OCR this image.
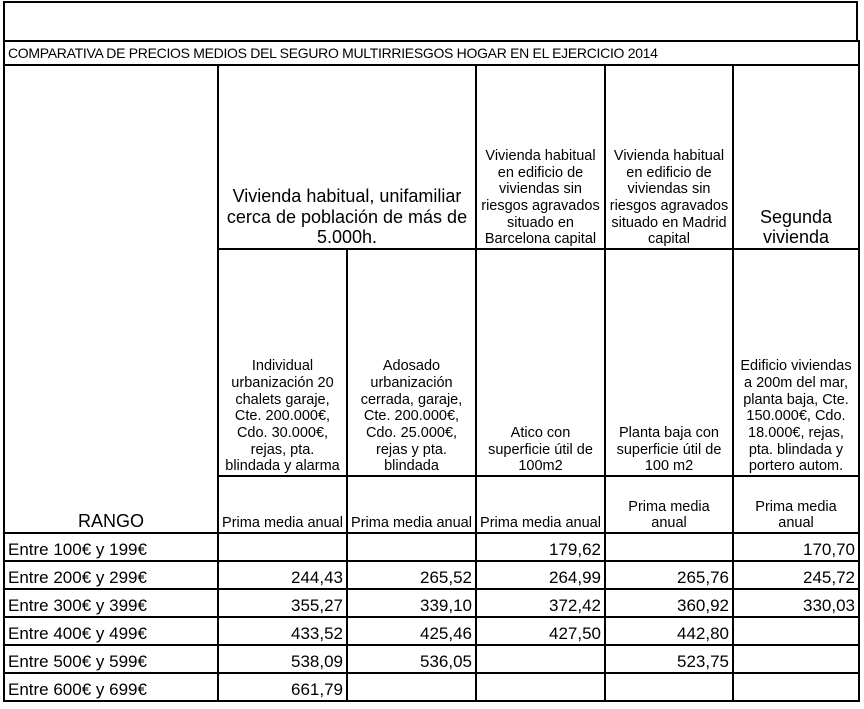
COMPARATIVA DE PRECIOS MEDIOS DEL SEGURO MULTIRRIESGOS HOGAR EN EL EJERCICIO 2014					
RANGO	Vivienda habitual, unifamiliar cerca de población de más de 5.000h.		Vivienda habitual en edificio de viviendas sin riesgos agravados situado en Barcelona capital	Vivienda habitual en edificio de viviendas sin riesgos agravados situado en Madrid capital	Segunda vivienda
	Individual urbanización 20 chalets garaje, Cte. 200.000€, Cdo. 30.000€, rejas, pta. blindada y alarma	Adosado urbanización cerrada, garaje, Cte. 200.000€, Cdo. 25.000€, rejas y pta. blindada	Atico con superficie útil de 100m2	Planta baja con superficie útil de 100 m2	Edificio viviendas a 200m del mar, planta baja, Cte. 150.000€, Cdo. 18.000€, rejas, pta. blindada y portero autom.
	Prima media anual	Prima media anual	Prima media anual	Prima media anual	Prima media anual
Entre 100€ y 199€			179,62		170,70
Entre 200€ y 299€	244,43	265,52	264,99	265,76	245,72
Entre 300€ y 399€	355,27	339,10	372,42	360,92	330,03
Entre 400€ y 499€	433,52	425,46	427,50	442,80	
Entre 500€ y 599€	538,09	536,05		523,75	
Entre 600€ y 699€	661,79				
